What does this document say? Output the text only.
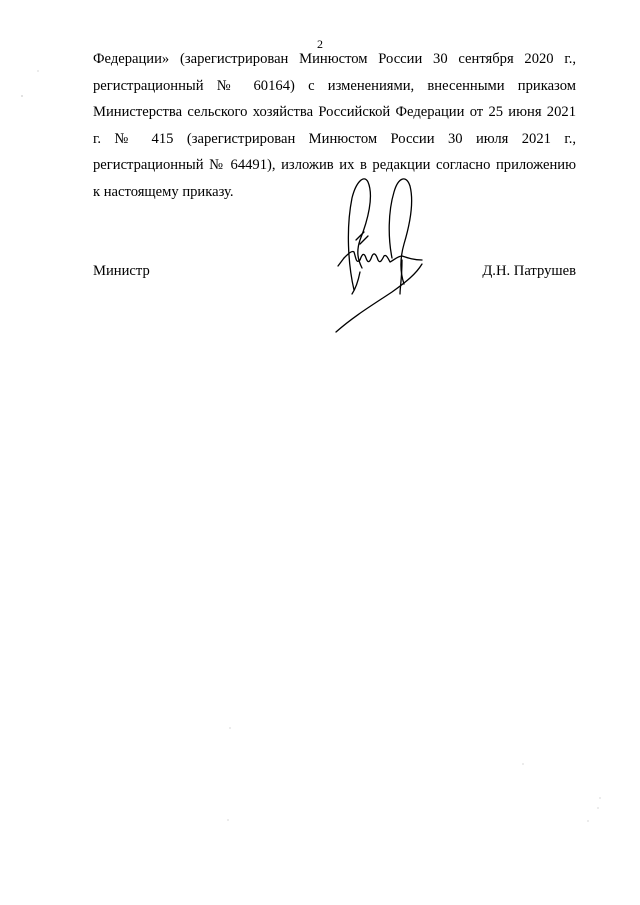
2
Федерации» (зарегистрирован Минюстом России 30 сентября 2020 г.,
регистрационный № 60164) с изменениями, внесенными приказом
Министерства сельского хозяйства Российской Федерации от 25 июня 2021
г. № 415 (зарегистрирован Минюстом России 30 июля 2021 г.,
регистрационный № 64491), изложив их в редакции согласно приложению
к настоящему приказу.
Министр	Д.Н. Патрушев
